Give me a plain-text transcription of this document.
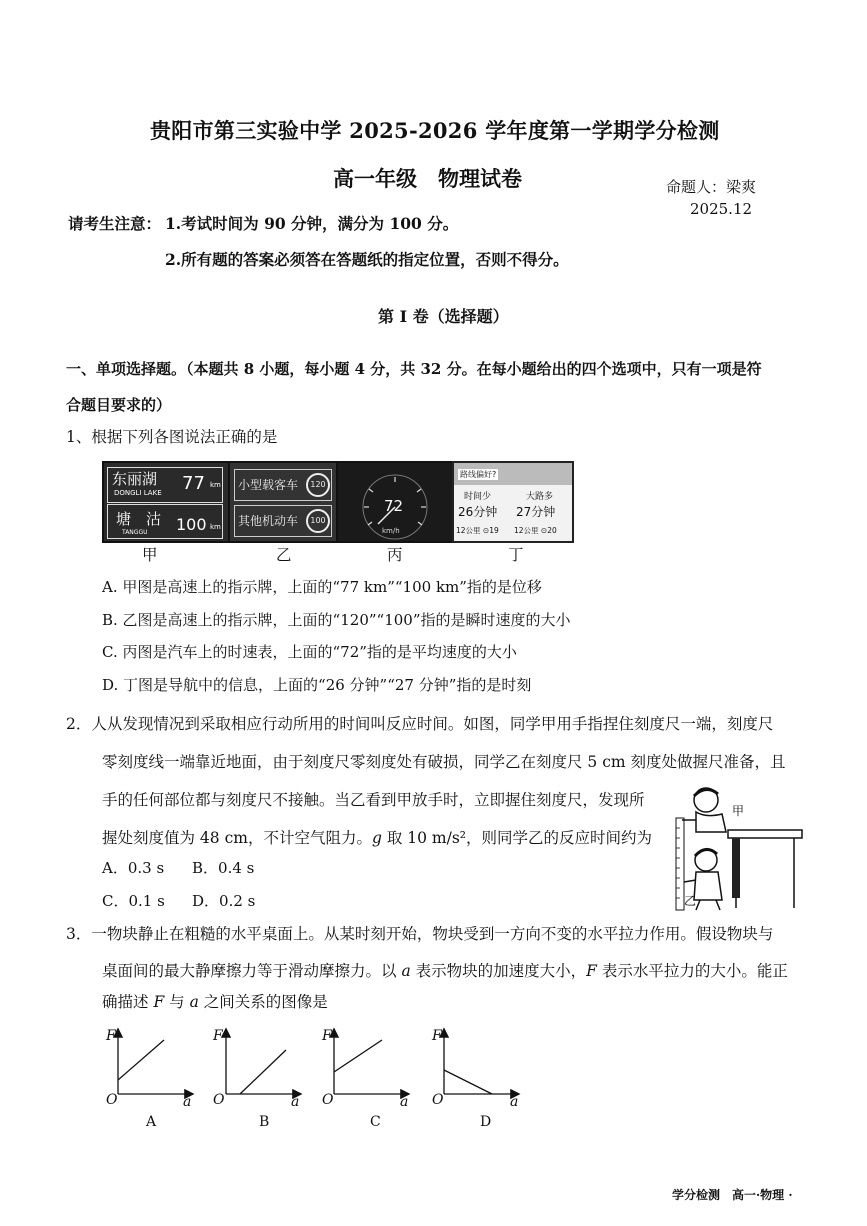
贵阳市第三实验中学 2025-2026 学年度第一学期学分检测
高一年级　物理试卷	命题人：梁爽
2025.12
请考生注意： 1.考试时间为 90 分钟，满分为 100 分。
2.所有题的答案必须答在答题纸的指定位置，否则不得分。
第 I 卷（选择题）
一、单项选择题。（本题共 8 小题，每小题 4 分，共 32 分。在每小题给出的四个选项中，只有一项是符
合题目要求的）
1、根据下列各图说法正确的是
东丽湖
DONGLI LAKE 77 km
塘　沽
TANGGU 100 km
小型载客车	120
其他机动车	100
72
km/h
路线偏好?
时间少	大路多
26分钟 27分钟
12公里 ⊙19 12公里 ⊙20
甲	乙	丙	丁
A. 甲图是高速上的指示牌，上面的“77 km”“100 km”指的是位移
B. 乙图是高速上的指示牌，上面的“120”“100”指的是瞬时速度的大小
C. 丙图是汽车上的时速表，上面的“72”指的是平均速度的大小
D. 丁图是导航中的信息，上面的“26 分钟”“27 分钟”指的是时刻
2．人从发现情况到采取相应行动所用的时间叫反应时间。如图，同学甲用手指捏住刻度尺一端，刻度尺
零刻度线一端靠近地面，由于刻度尺零刻度处有破损，同学乙在刻度尺 5 cm 刻度处做握尺准备，且
手的任何部位都与刻度尺不接触。当乙看到甲放手时，立即握住刻度尺，发现所
握处刻度值为 48 cm，不计空气阻力。g 取 10 m/s²，则同学乙的反应时间约为
A．0.3 s B．0.4 s
C．0.1 s D．0.2 s
甲
乙
3．一物块静止在粗糙的水平桌面上。从某时刻开始，物块受到一方向不变的水平拉力作用。假设物块与
桌面间的最大静摩擦力等于滑动摩擦力。以 a 表示物块的加速度大小，F 表示水平拉力的大小。能正
确描述 F 与 a 之间关系的图像是
F
O	a
A
F
O	a
B
F
O	a
C
F
O	a
D
学分检测　高一·物理 ·
